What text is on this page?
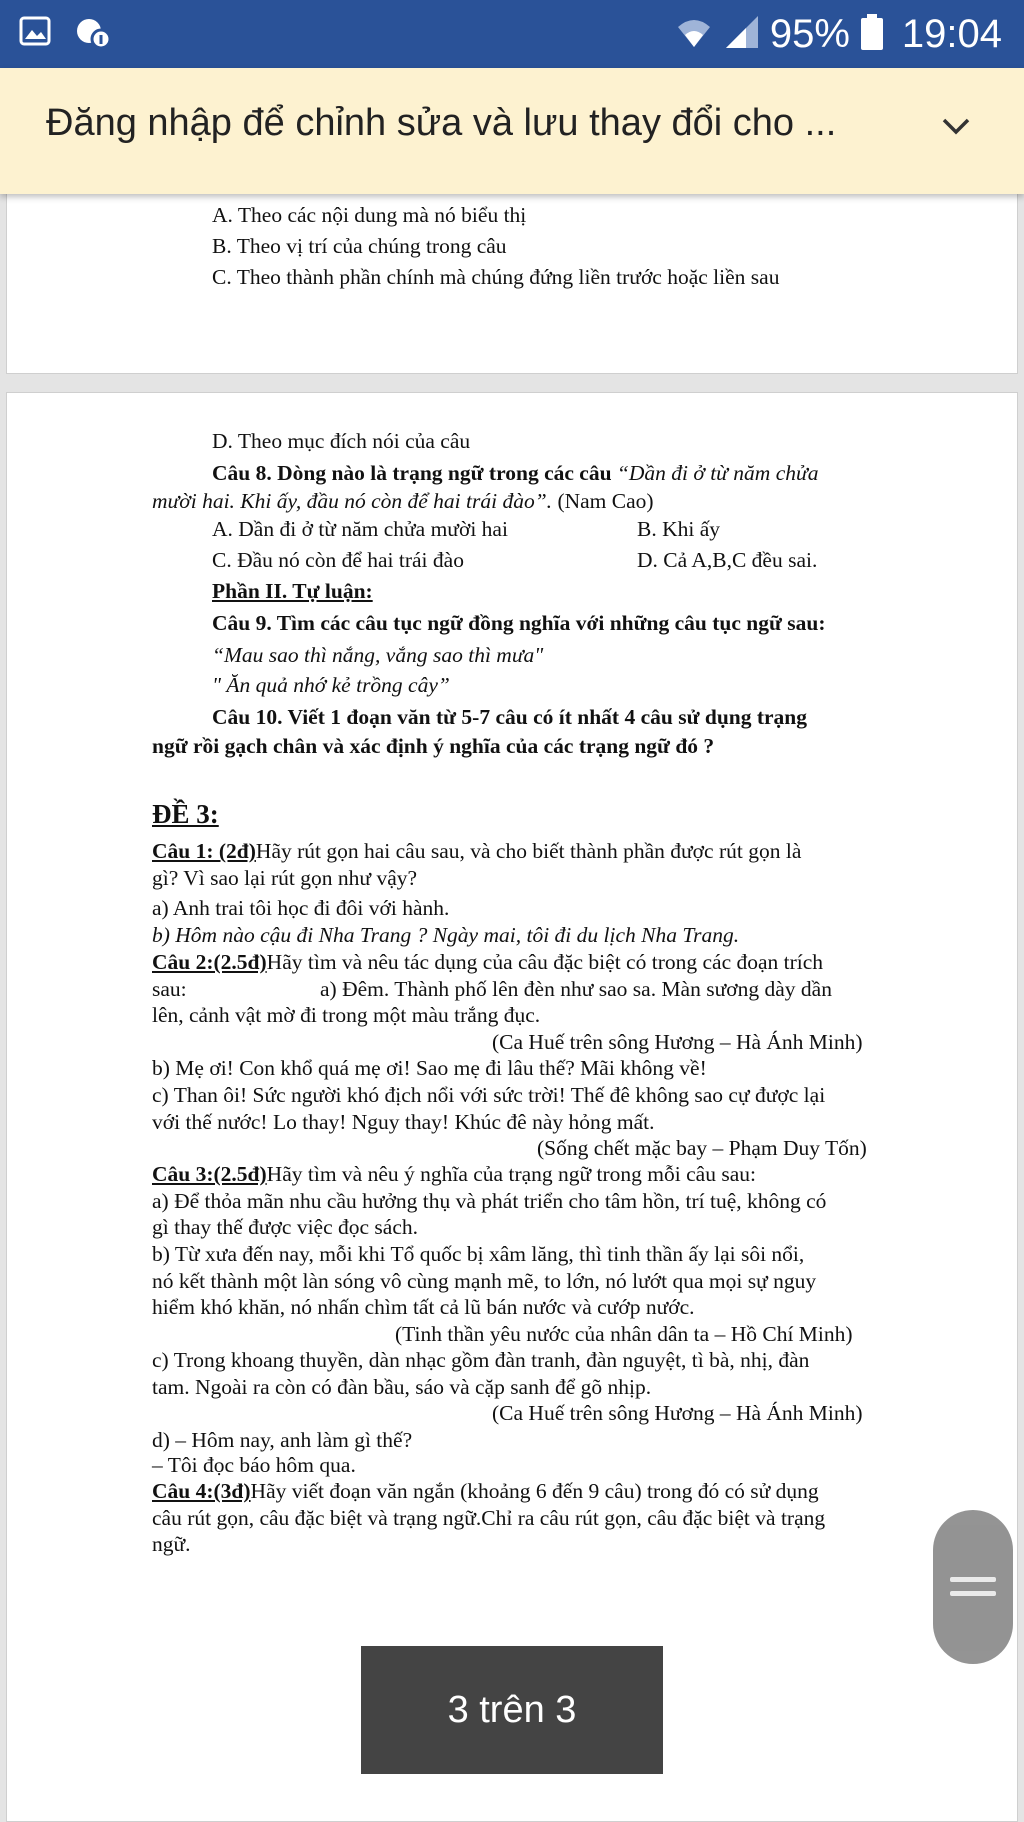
95% 19:04
Đăng nhập để chỉnh sửa và lưu thay đổi cho ...
A. Theo các nội dung mà nó biểu thị
B. Theo vị trí của chúng trong câu
C. Theo thành phần chính mà chúng đứng liền trước hoặc liền sau
D. Theo mục đích nói của câu
Câu 8. Dòng nào là trạng ngữ trong các câu “Dần đi ở từ năm chửa
mười hai. Khi ấy, đầu nó còn để hai trái đào”. (Nam Cao)
A. Dần đi ở từ năm chửa mười hai	B. Khi ấy
C. Đầu nó còn để hai trái đào	D. Cả A,B,C đều sai.
Phần II. Tự luận:
Câu 9. Tìm các câu tục ngữ đồng nghĩa với những câu tục ngữ sau:
“Mau sao thì nắng, vắng sao thì mưa"
" Ăn quả nhớ kẻ trồng cây”
Câu 10. Viết 1 đoạn văn từ 5-7 câu có ít nhất 4 câu sử dụng trạng
ngữ rồi gạch chân và xác định ý nghĩa của các trạng ngữ đó ?
ĐỀ 3:
Câu 1: (2đ)Hãy rút gọn hai câu sau, và cho biết thành phần được rút gọn là
gì? Vì sao lại rút gọn như vậy?
a) Anh trai tôi học đi đôi với hành.
b) Hôm nào cậu đi Nha Trang ? Ngày mai, tôi đi du lịch Nha Trang.
Câu 2:(2.5đ)Hãy tìm và nêu tác dụng của câu đặc biệt có trong các đoạn trích
sau:	a) Đêm. Thành phố lên đèn như sao sa. Màn sương dày dần
lên, cảnh vật mờ đi trong một màu trắng đục.
(Ca Huế trên sông Hương – Hà Ánh Minh)
b) Mẹ ơi! Con khổ quá mẹ ơi! Sao mẹ đi lâu thế? Mãi không về!
c) Than ôi! Sức người khó địch nổi với sức trời! Thế đê không sao cự được lại
với thế nước! Lo thay! Nguy thay! Khúc đê này hỏng mất.
(Sống chết mặc bay – Phạm Duy Tốn)
Câu 3:(2.5đ)Hãy tìm và nêu ý nghĩa của trạng ngữ trong mỗi câu sau:
a) Để thỏa mãn nhu cầu hưởng thụ và phát triển cho tâm hồn, trí tuệ, không có
gì thay thế được việc đọc sách.
b) Từ xưa đến nay, mỗi khi Tổ quốc bị xâm lăng, thì tinh thần ấy lại sôi nổi,
nó kết thành một làn sóng vô cùng mạnh mẽ, to lớn, nó lướt qua mọi sự nguy
hiểm khó khăn, nó nhấn chìm tất cả lũ bán nước và cướp nước.
(Tinh thần yêu nước của nhân dân ta – Hồ Chí Minh)
c) Trong khoang thuyền, dàn nhạc gồm đàn tranh, đàn nguyệt, tì bà, nhị, đàn
tam. Ngoài ra còn có đàn bầu, sáo và cặp sanh để gõ nhịp.
(Ca Huế trên sông Hương – Hà Ánh Minh)
d) – Hôm nay, anh làm gì thế?
– Tôi đọc báo hôm qua.
Câu 4:(3đ)Hãy viết đoạn văn ngắn (khoảng 6 đến 9 câu) trong đó có sử dụng
câu rút gọn, câu đặc biệt và trạng ngữ.Chỉ ra câu rút gọn, câu đặc biệt và trạng
ngữ.
3 trên 3
